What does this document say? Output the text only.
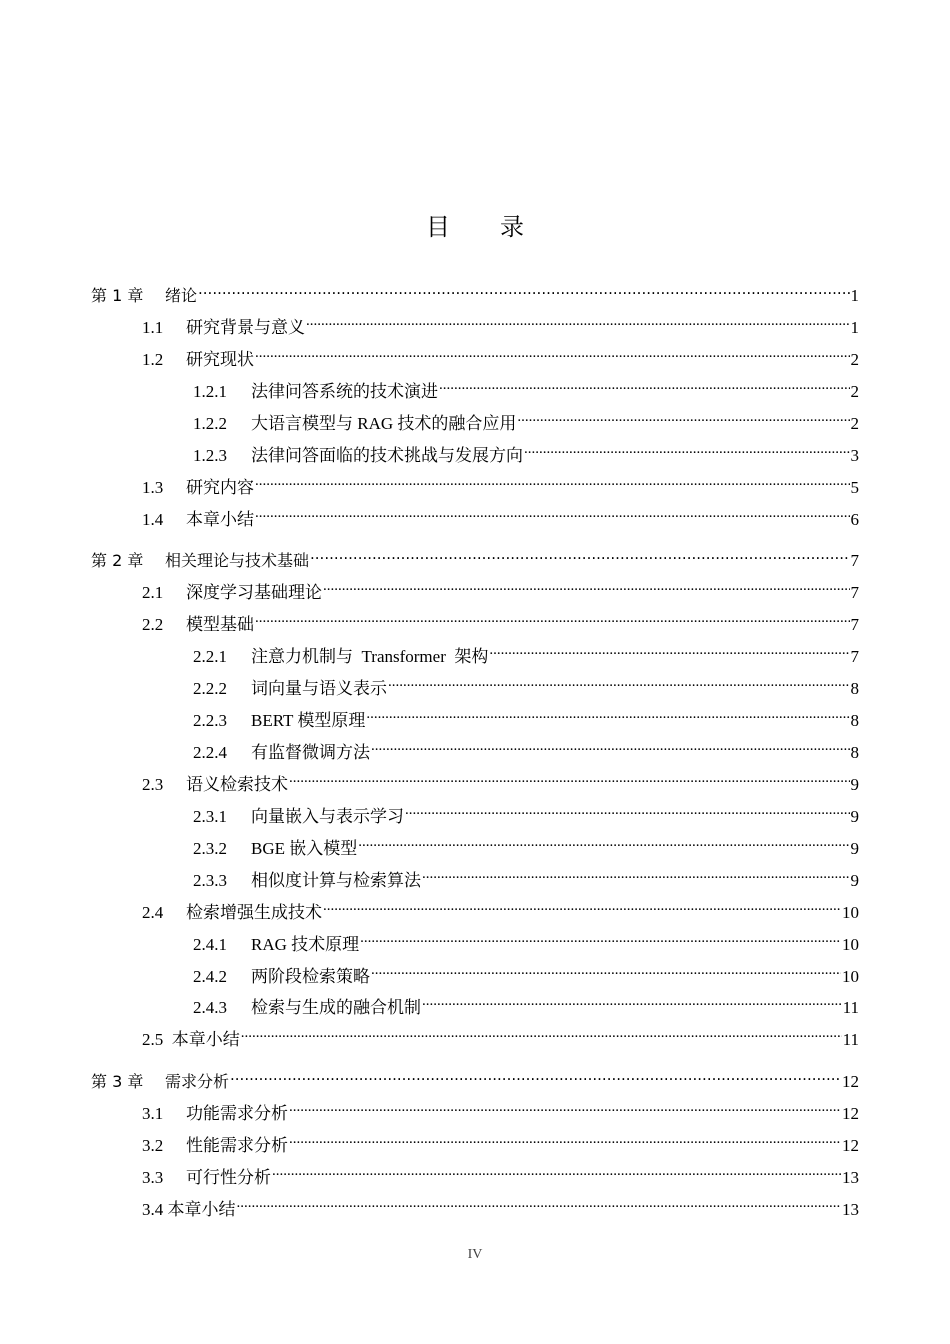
目 录
第 1 章	绪论 .....	1
1.1	研究背景与意义 .....	1
1.2	研究现状 .....	2
1.2.1	法律问答系统的技术演进 .....	2
1.2.2	大语言模型与 RAG 技术的融合应用 .....	2
1.2.3	法律问答面临的技术挑战与发展方向 .....	3
1.3	研究内容 .....	5
1.4	本章小结 .....	6
第 2 章	相关理论与技术基础 .....	7
2.1	深度学习基础理论 .....	7
2.2	模型基础 .....	7
2.2.1	注意力机制与  Transformer  架构 .....	7
2.2.2	词向量与语义表示 .....	8
2.2.3	BERT 模型原理 .....	8
2.2.4	有监督微调方法 .....	8
2.3	语义检索技术 .....	9
2.3.1	向量嵌入与表示学习 .....	9
2.3.2	BGE 嵌入模型 .....	9
2.3.3	相似度计算与检索算法 .....	9
2.4	检索增强生成技术 .....	10
2.4.1	RAG 技术原理 .....	10
2.4.2	两阶段检索策略 .....	10
2.4.3	检索与生成的融合机制 .....	11
2.5  本章小结 .....	11
第 3 章	需求分析 .....	12
3.1	功能需求分析 .....	12
3.2	性能需求分析 .....	12
3.3	可行性分析 .....	13
3.4 本章小结 .....	13
IV
